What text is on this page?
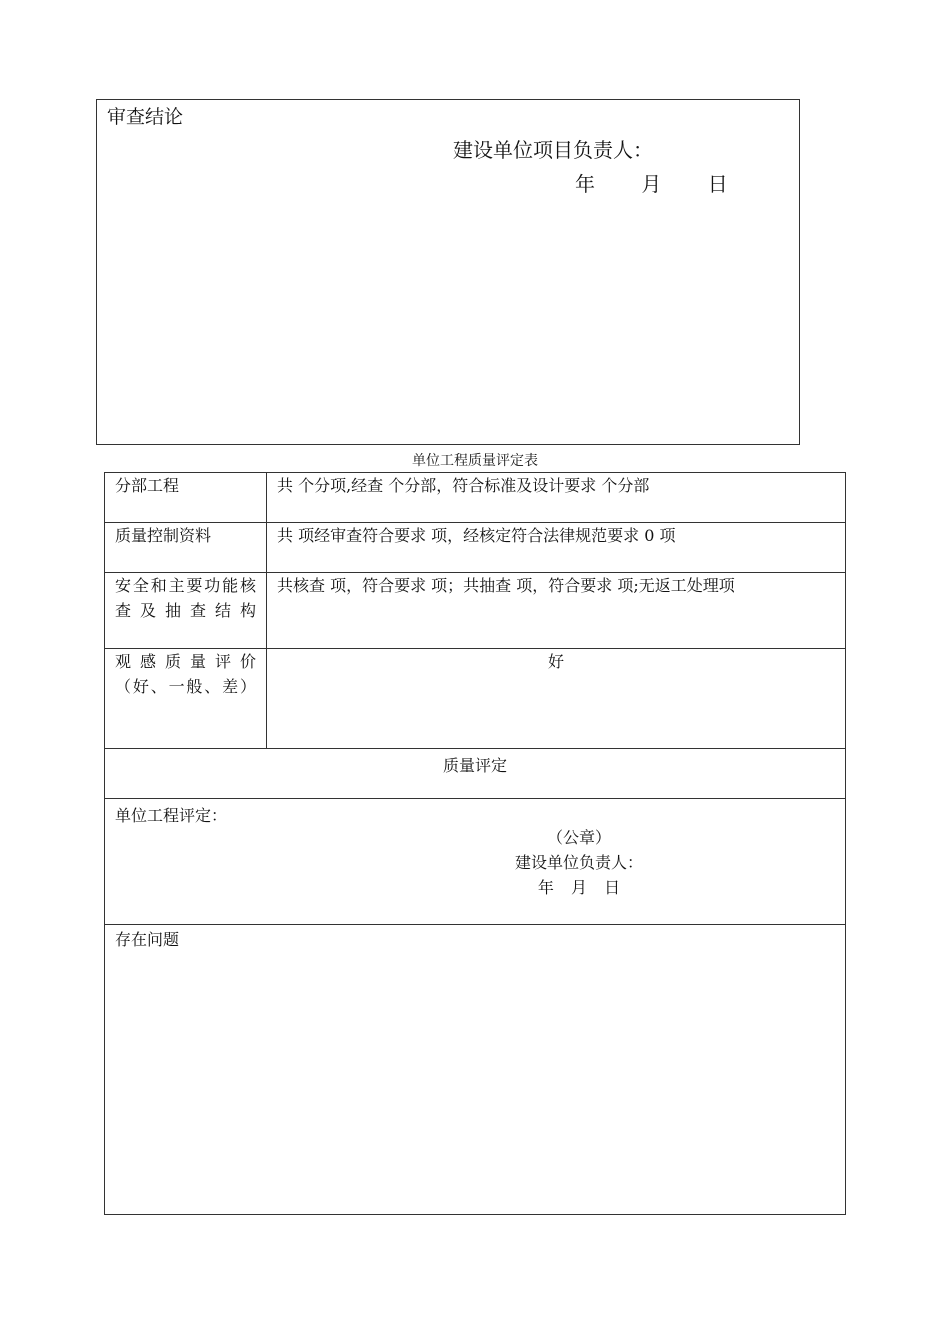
审查结论
建设单位项目负责人：
年 月 日
单位工程质量评定表
分部工程	共 个分项,经查 个分部，符合标准及设计要求 个分部
质量控制资料	共 项经审查符合要求 项，经核定符合法律规范要求 0 项
安全和主要功能核查及抽查结构	共核查 项，符合要求 项；共抽查 项，符合要求 项;无返工处理项
观感质量评价（好、一般、差）	好
质量评定	

单位工程评定：
（公章）
建设单位负责人：
年 月 日	

存在问题	
